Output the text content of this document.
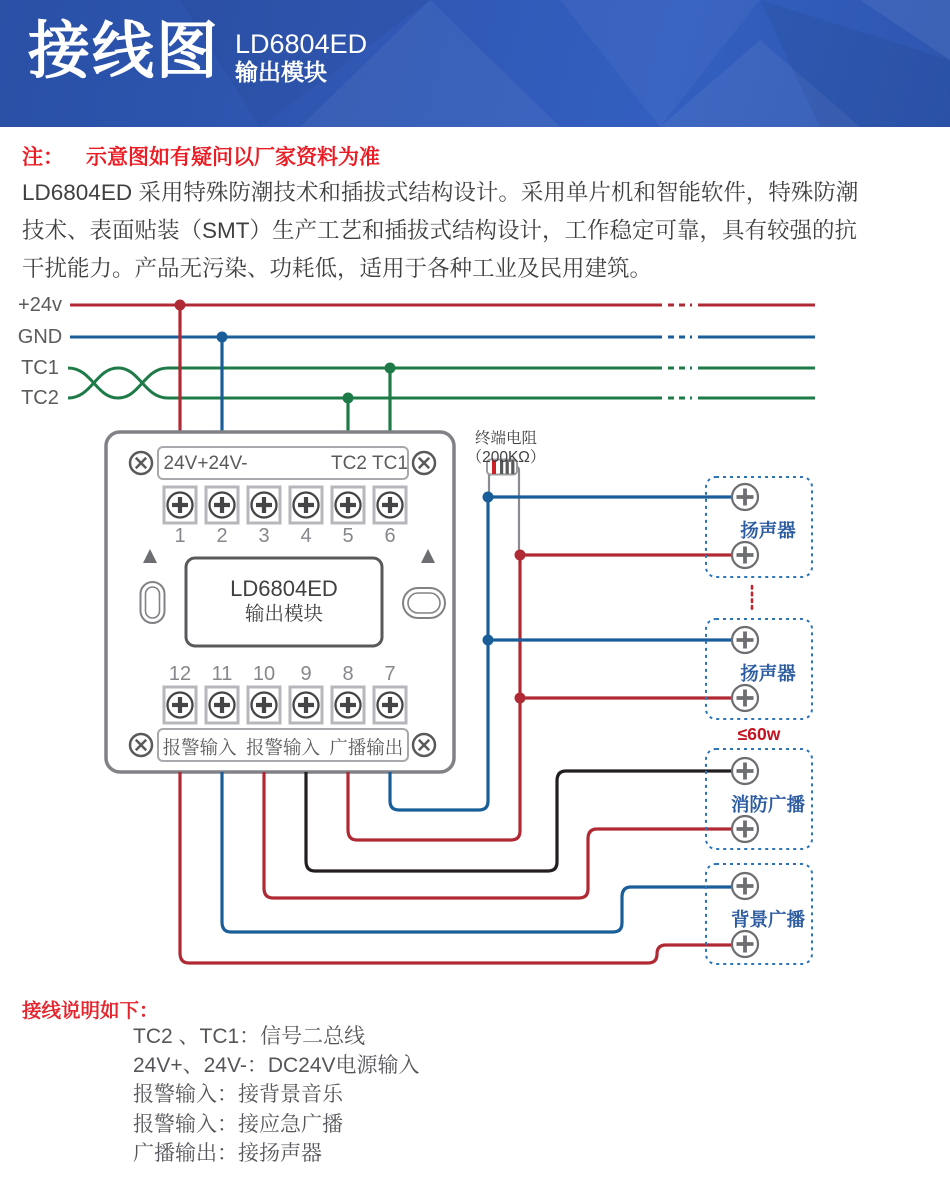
接线图 LD6804ED
输出模块
注： 示意图如有疑问以厂家资料为准
LD6804ED 采用特殊防潮技术和插拔式结构设计。采用单片机和智能软件，特殊防潮
技术、表面贴装（SMT）生产工艺和插拔式结构设计，工作稳定可靠，具有较强的抗
干扰能力。产品无污染、功耗低，适用于各种工业及民用建筑。
+24v
GND
TC1
TC2
终端电阻
（200KΩ）
24V+ 24V-	TC2 TC1
1	2	3	4	5	6
LD6804ED
输出模块
12	11	10	9	8	7
报警输入 报警输入 广播输出
扬声器
扬声器
≤60w
消防广播
背景广播
接线说明如下：
TC2 、TC1：信号二总线
24V+、24V-：DC24V电源输入
报警输入：接背景音乐
报警输入：接应急广播
广播输出：接扬声器
